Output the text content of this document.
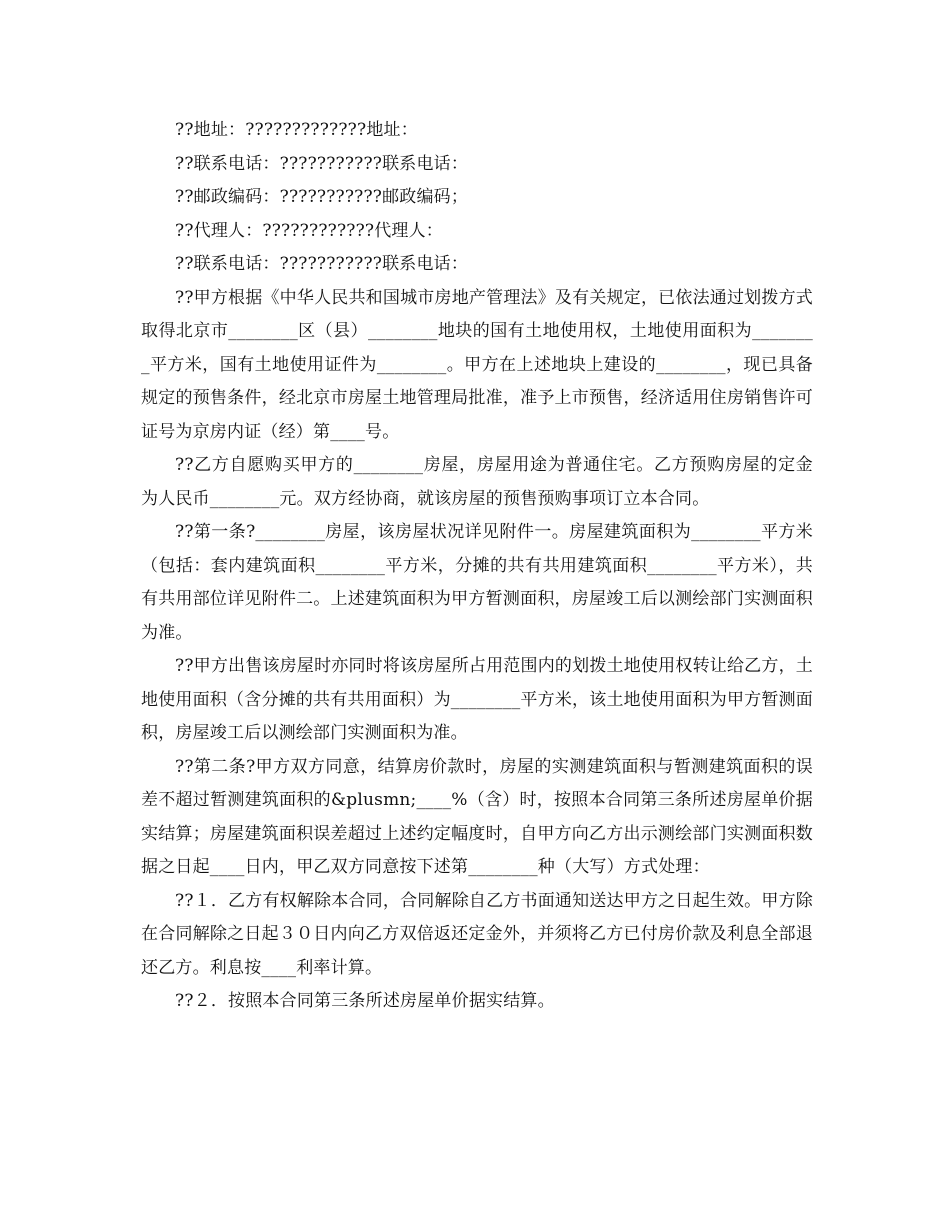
??地址：?????????????地址：

??联系电话：???????????联系电话：

??邮政编码：???????????邮政编码；

??代理人：????????????代理人：

??联系电话：???????????联系电话：

??甲方根据《中华人民共和国城市房地产管理法》及有关规定，已依法通过划拨方式取得北京市________区（县）________地块的国有土地使用权，土地使用面积为________平方米，国有土地使用证件为________。甲方在上述地块上建设的________，现已具备规定的预售条件，经北京市房屋土地管理局批准，准予上市预售，经济适用住房销售许可证号为京房内证（经）第____号。

??乙方自愿购买甲方的________房屋，房屋用途为普通住宅。乙方预购房屋的定金为人民币________元。双方经协商，就该房屋的预售预购事项订立本合同。

??第一条?________房屋，该房屋状况详见附件一。房屋建筑面积为________平方米（包括：套内建筑面积________平方米，分摊的共有共用建筑面积________平方米），共有共用部位详见附件二。上述建筑面积为甲方暂测面积，房屋竣工后以测绘部门实测面积为准。

??甲方出售该房屋时亦同时将该房屋所占用范围内的划拨土地使用权转让给乙方，土地使用面积（含分摊的共有共用面积）为________平方米，该土地使用面积为甲方暂测面积，房屋竣工后以测绘部门实测面积为准。

??第二条?甲方双方同意，结算房价款时，房屋的实测建筑面积与暂测建筑面积的误差不超过暂测建筑面积的&plusmn;____%（含）时，按照本合同第三条所述房屋单价据实结算；房屋建筑面积误差超过上述约定幅度时，自甲方向乙方出示测绘部门实测面积数据之日起____日内，甲乙双方同意按下述第________种（大写）方式处理：

??１．乙方有权解除本合同，合同解除自乙方书面通知送达甲方之日起生效。甲方除在合同解除之日起３０日内向乙方双倍返还定金外，并须将乙方已付房价款及利息全部退还乙方。利息按____利率计算。

??２．按照本合同第三条所述房屋单价据实结算。
